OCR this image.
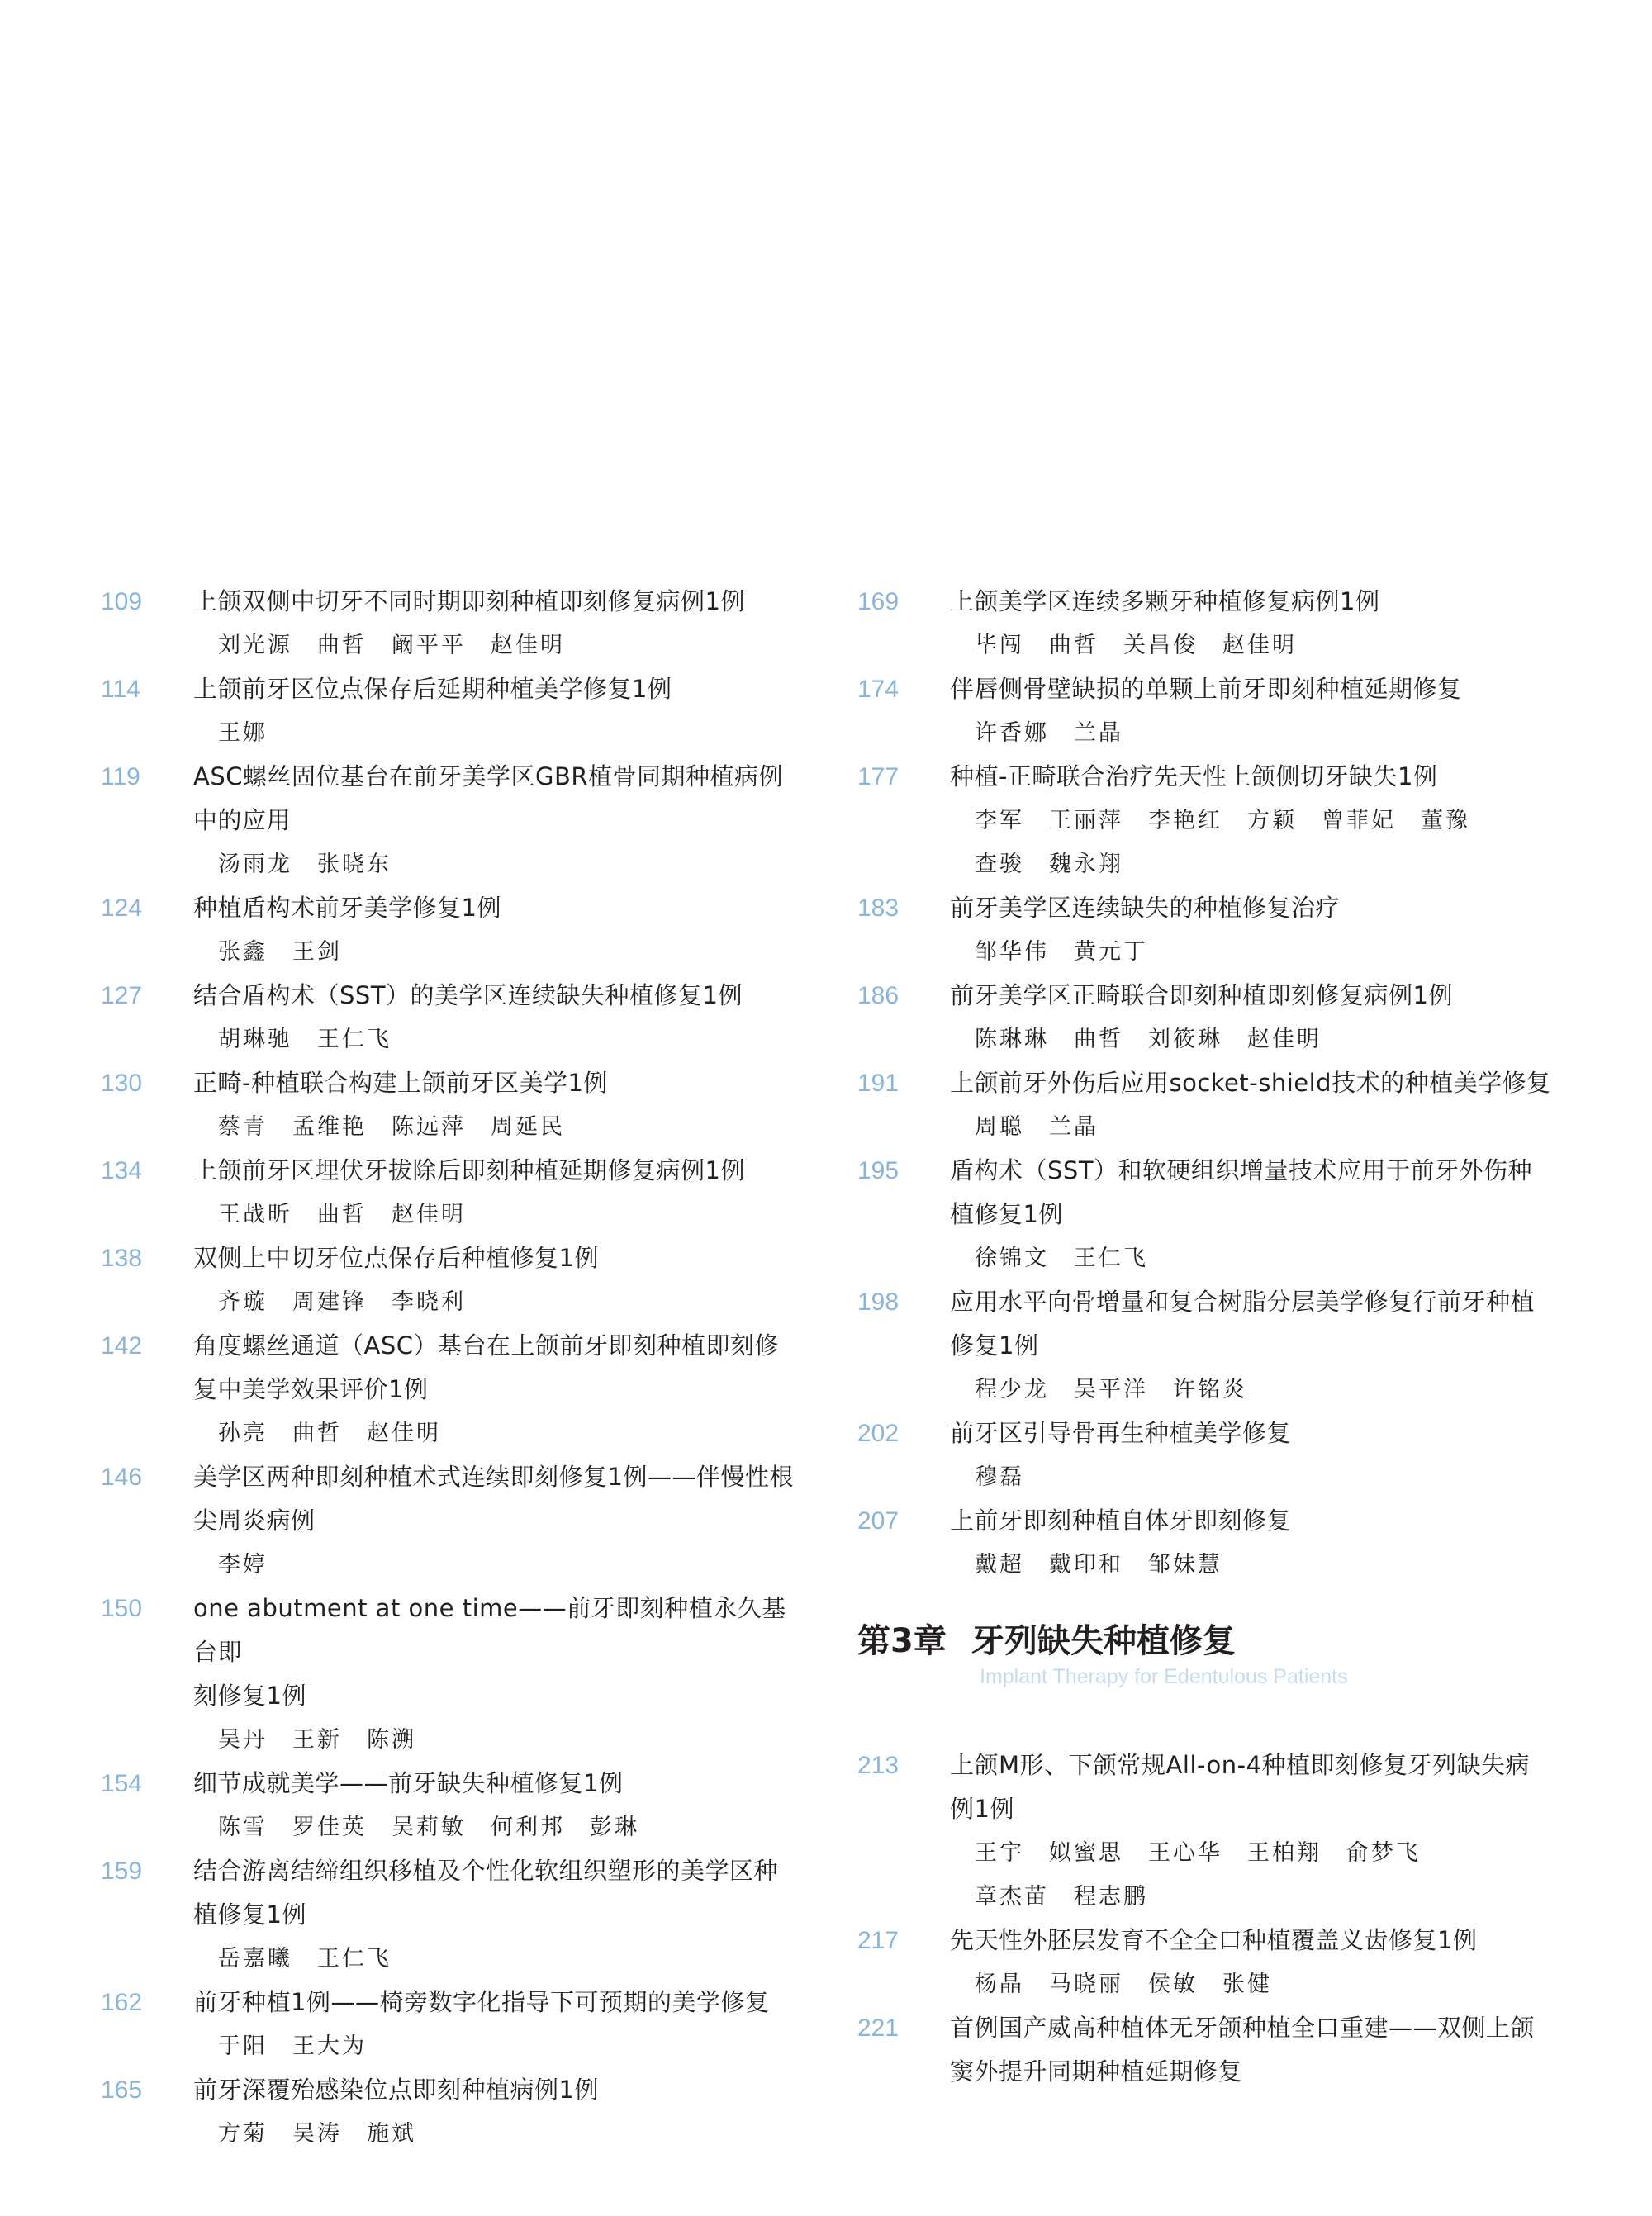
109	上颌双侧中切牙不同时期即刻种植即刻修复病例1例
刘光源 曲哲 阚平平 赵佳明
114	上颌前牙区位点保存后延期种植美学修复1例
王娜
119	ASC螺丝固位基台在前牙美学区GBR植骨同期种植病例
中的应用
汤雨龙 张晓东
124	种植盾构术前牙美学修复1例
张鑫 王剑
127	结合盾构术（SST）的美学区连续缺失种植修复1例
胡琳驰 王仁飞
130	正畸-种植联合构建上颌前牙区美学1例
蔡青 孟维艳 陈远萍 周延民
134	上颌前牙区埋伏牙拔除后即刻种植延期修复病例1例
王战昕 曲哲 赵佳明
138	双侧上中切牙位点保存后种植修复1例
齐璇 周建锋 李晓利
142	角度螺丝通道（ASC）基台在上颌前牙即刻种植即刻修
复中美学效果评价1例
孙亮 曲哲 赵佳明
146	美学区两种即刻种植术式连续即刻修复1例——伴慢性根
尖周炎病例
李婷
150	one abutment at one time——前牙即刻种植永久基台即
刻修复1例
吴丹 王新 陈溯
154	细节成就美学——前牙缺失种植修复1例
陈雪 罗佳英 吴莉敏 何利邦 彭琳
159	结合游离结缔组织移植及个性化软组织塑形的美学区种
植修复1例
岳嘉曦 王仁飞
162	前牙种植1例——椅旁数字化指导下可预期的美学修复
于阳 王大为
165	前牙深覆殆感染位点即刻种植病例1例
方菊 吴涛 施斌
169	上颌美学区连续多颗牙种植修复病例1例
毕闯 曲哲 关昌俊 赵佳明
174	伴唇侧骨壁缺损的单颗上前牙即刻种植延期修复
许香娜 兰晶
177	种植-正畸联合治疗先天性上颌侧切牙缺失1例
李军 王丽萍 李艳红 方颖 曾菲妃 董豫
查骏 魏永翔
183	前牙美学区连续缺失的种植修复治疗
邹华伟 黄元丁
186	前牙美学区正畸联合即刻种植即刻修复病例1例
陈琳琳 曲哲 刘筱琳 赵佳明
191	上颌前牙外伤后应用socket-shield技术的种植美学修复
周聪 兰晶
195	盾构术（SST）和软硬组织增量技术应用于前牙外伤种
植修复1例
徐锦文 王仁飞
198	应用水平向骨增量和复合树脂分层美学修复行前牙种植
修复1例
程少龙 吴平洋 许铭炎
202	前牙区引导骨再生种植美学修复
穆磊
207	上前牙即刻种植自体牙即刻修复
戴超 戴印和 邹妹慧
第3章 牙列缺失种植修复
Implant Therapy for Edentulous Patients
213	上颌M形、下颌常规All-on-4种植即刻修复牙列缺失病
例1例
王宇 姒蜜思 王心华 王柏翔 俞梦飞
章杰苗 程志鹏
217	先天性外胚层发育不全全口种植覆盖义齿修复1例
杨晶 马晓丽 侯敏 张健
221	首例国产威高种植体无牙颌种植全口重建——双侧上颌
窦外提升同期种植延期修复
